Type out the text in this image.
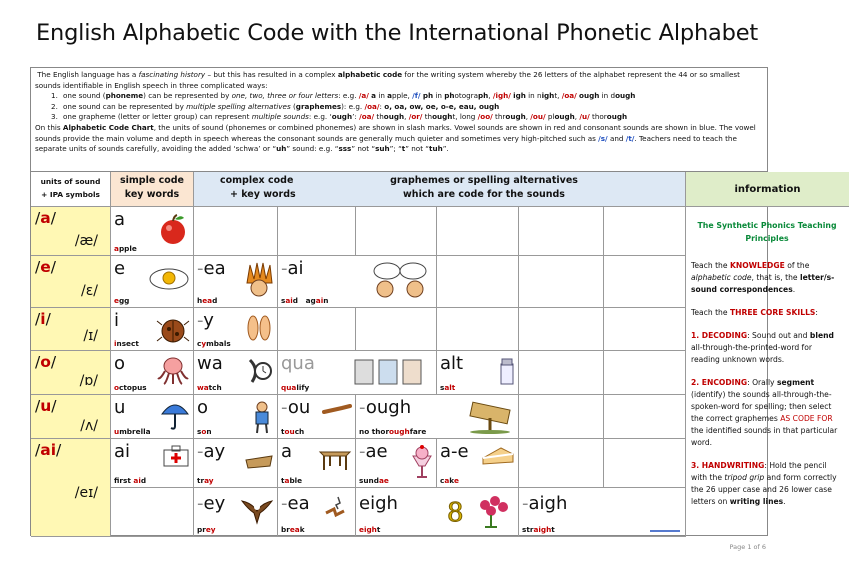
English Alphabetic Code with the International Phonetic Alphabet
The English language has a fascinating history – but this has resulted in a complex alphabetic code for the writing system whereby the 26 letters of the alphabet represent the 44 or so smallest sounds identifiable in English speech in three complicated ways:
1. one sound (phoneme) can be represented by one, two, three or four letters: e.g. /a/ a in apple, /f/ ph in photograph, /igh/ igh in night, /oa/ ough in dough
2. one sound can be represented by multiple spelling alternatives (graphemes): e.g. /oa/: o, oa, ow, oe, o-e, eau, ough
3. one grapheme (letter or letter group) can represent multiple sounds: e.g. ‘ough’: /oa/ though, /or/ thought, long /oo/ through, /ou/ plough, /u/ thorough
On this Alphabetic Code Chart, the units of sound (phonemes or combined phonemes) are shown in slash marks. Vowel sounds are shown in red and consonant sounds are shown in blue. The vowel sounds provide the main volume and depth in speech whereas the consonant sounds are generally much quieter and sometimes very high-pitched such as /s/ and /t/. Teachers need to teach the separate units of sounds carefully, avoiding the added ‘schwa’ or “uh” sound: e.g. “sss” not “suh”; “t” not “tuh”.
units of sound
+ IPA symbols
simple code
key words
complex code
+ key words
graphemes or spelling alternatives
which are code for the sounds	information
/a/
/æ/
a
apple
/e/
/ɛ/
e
egg
-ea
head
-ai
said   again
/i/
/ɪ/
i
insect
-y
cymbals
/o/
/ɒ/
o
octopus
wa
watch
qua
qualify
alt
salt
/u/
/ʌ/
u
umbrella
o
son
-ou
touch
-ough
no thoroughfare
/ai/
/eɪ/
ai
first aid
-ay
tray
a
table
-ae
sundae
a-e
cake
-ey
prey
-ea
break
eigh 8
eight
-aigh
straight
The Synthetic Phonics Teaching Principles

Teach the KNOWLEDGE of the alphabetic code, that is, the letter/s-sound correspondences.

Teach the THREE CORE SKILLS:

1. DECODING: Sound out and blend all-through-the-printed-word for reading unknown words.

2. ENCODING: Orally segment (identify) the sounds all-through-the-spoken-word for spelling; then select the correct graphemes AS CODE FOR the identified sounds in that particular word.

3. HANDWRITING: Hold the pencil with the tripod grip and form correctly the 26 upper case and 26 lower case letters on writing lines.

Page 1 of 6
